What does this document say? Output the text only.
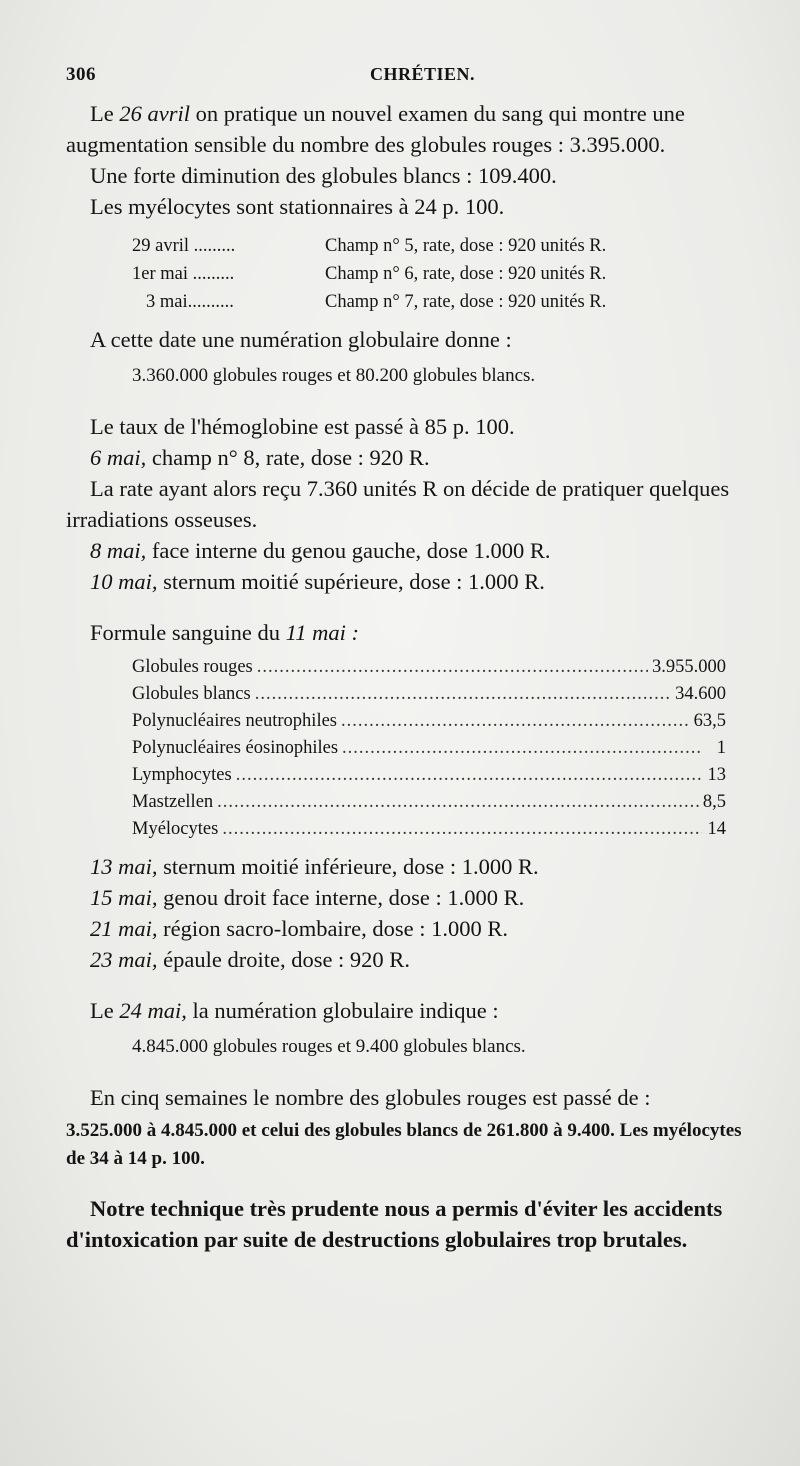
306	CHRÉTIEN.

Le 26 avril on pratique un nouvel examen du sang qui montre une augmentation sensible du nombre des globules rouges : 3.395.000.

Une forte diminution des globules blancs : 109.400.

Les myélocytes sont stationnaires à 24 p. 100.

29 avril .........	Champ n° 5, rate, dose : 920 unités R.
1er mai .........	Champ n° 6, rate, dose : 920 unités R.
3 mai..........	Champ n° 7, rate, dose : 920 unités R.

A cette date une numération globulaire donne :

3.360.000 globules rouges et 80.200 globules blancs.

Le taux de l'hémoglobine est passé à 85 p. 100.

6 mai, champ n° 8, rate, dose : 920 R.

La rate ayant alors reçu 7.360 unités R on décide de pratiquer quelques irradiations osseuses.

8 mai, face interne du genou gauche, dose 1.000 R.

10 mai, sternum moitié supérieure, dose : 1.000 R.

Formule sanguine du 11 mai :

Globules rouges .....	3.955.000
Globules blancs .....	34.600
Polynucléaires neutrophiles .....	63,5
Polynucléaires éosinophiles .....	1
Lymphocytes .....	13
Mastzellen .....	8,5
Myélocytes .....	14

13 mai, sternum moitié inférieure, dose : 1.000 R.

15 mai, genou droit face interne, dose : 1.000 R.

21 mai, région sacro-lombaire, dose : 1.000 R.

23 mai, épaule droite, dose : 920 R.

Le 24 mai, la numération globulaire indique :

4.845.000 globules rouges et 9.400 globules blancs.

En cinq semaines le nombre des globules rouges est passé de :

3.525.000 à 4.845.000 et celui des globules blancs de 261.800 à 9.400. Les myélocytes de 34 à 14 p. 100.

Notre technique très prudente nous a permis d'éviter les accidents d'intoxication par suite de destructions globulaires trop brutales.
